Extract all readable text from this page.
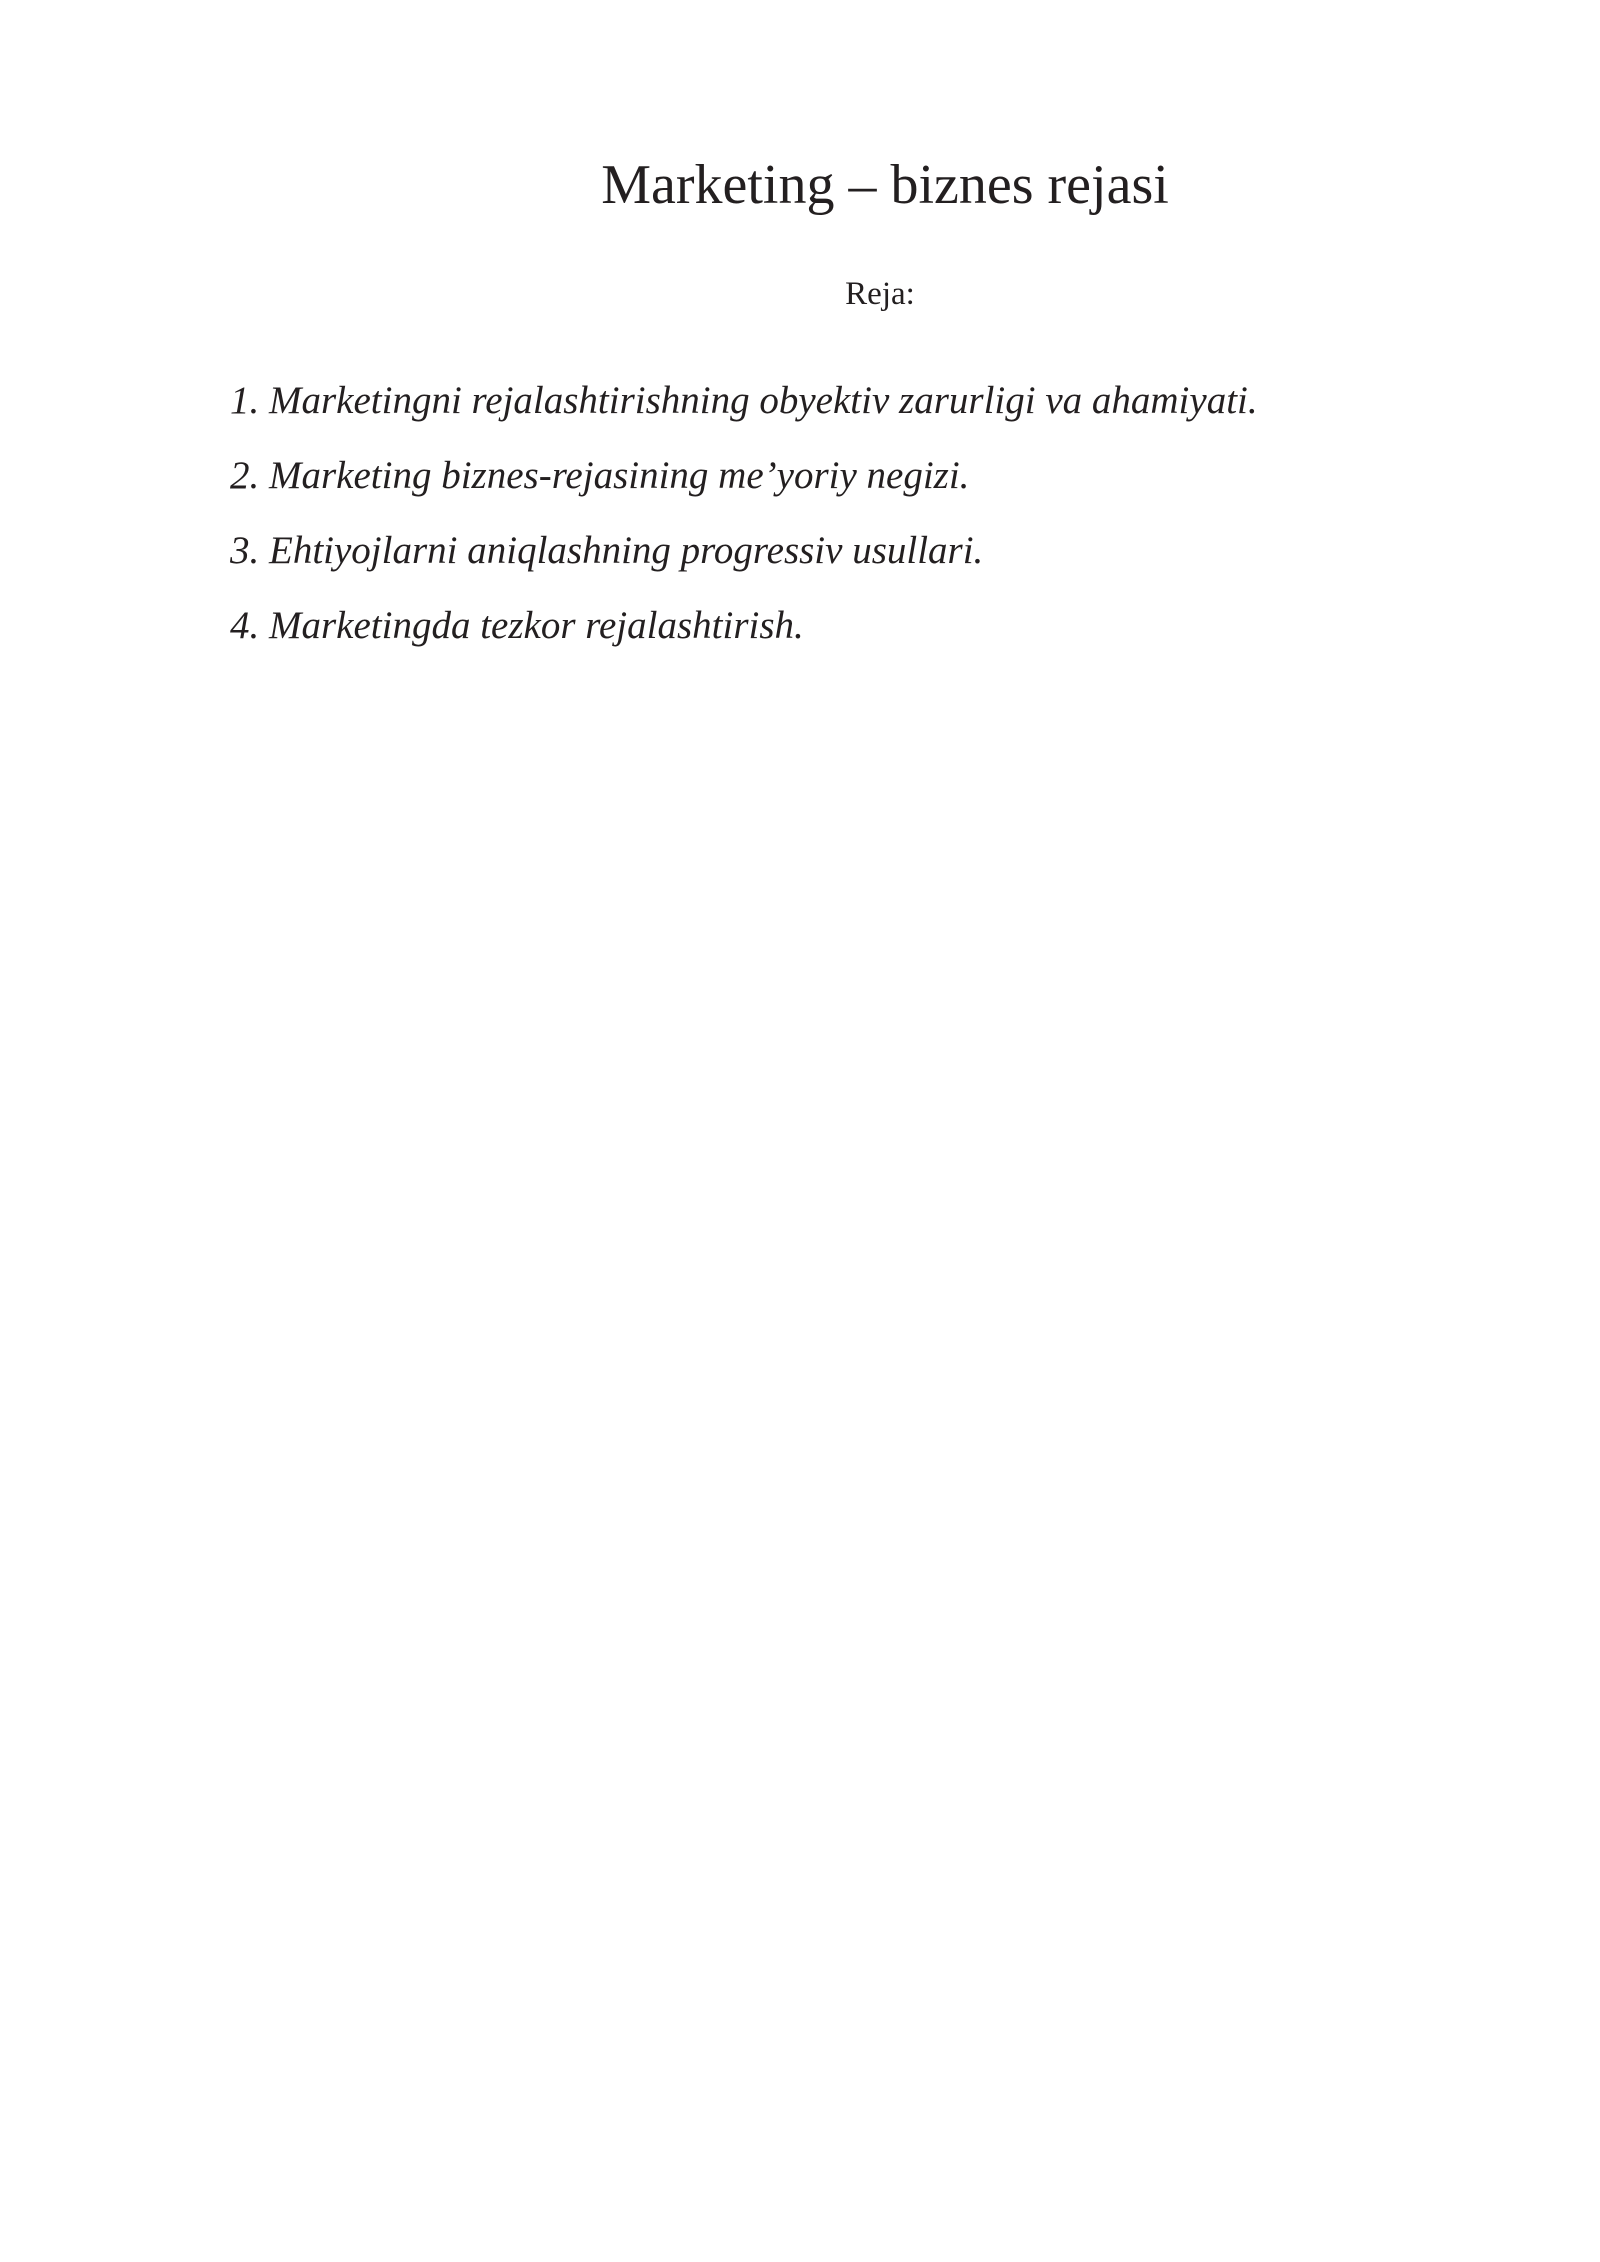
Marketing – biznes rejasi

Reja:

1. Marketingni rejalashtirishning obyektiv zarurligi va ahamiyati.
2. Marketing biznes-rejasining me’yoriy negizi.
3. Ehtiyojlarni aniqlashning progressiv usullari.
4. Marketingda tezkor rejalashtirish.
